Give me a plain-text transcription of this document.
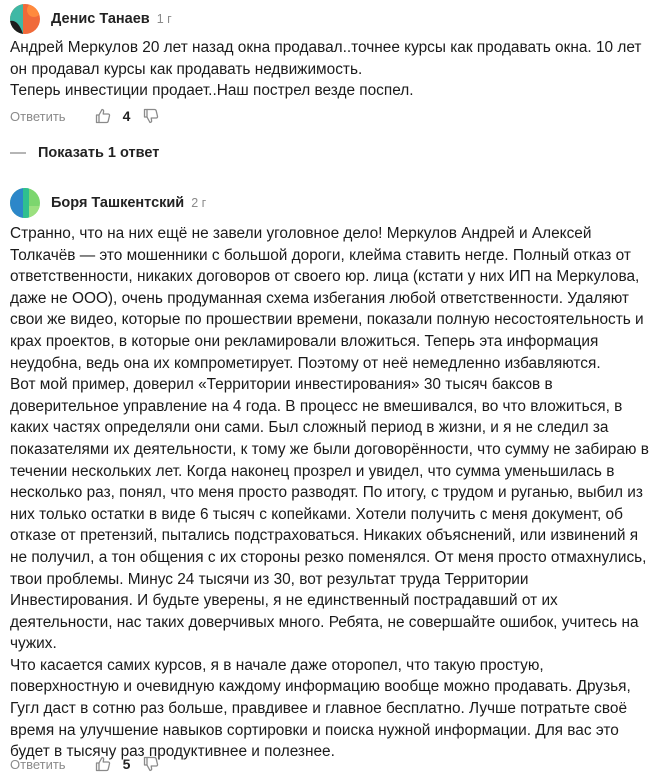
Денис Танаев 1 г
Андрей Меркулов 20 лет назад окна продавал..точнее курсы как продавать окна. 10 лет он продавал курсы как продавать недвижимость.
Теперь инвестиции продает..Наш пострел везде поспел.
Ответить	4
Показать 1 ответ
Боря Ташкентский 2 г
Странно, что на них ещё не завели уголовное дело! Меркулов Андрей и Алексей Толкачёв — это мошенники с большой дороги, клейма ставить негде. Полный отказ от ответственности, никаких договоров от своего юр. лица (кстати у них ИП на Меркулова, даже не ООО), очень продуманная схема избегания любой ответственности. Удаляют свои же видео, которые по прошествии времени, показали полную несостоятельность и крах проектов, в которые они рекламировали вложиться. Теперь эта информация неудобна, ведь она их компрометирует. Поэтому от неё немедленно избавляются.
Вот мой пример, доверил «Территории инвестирования» 30 тысяч баксов в доверительное управление на 4 года. В процесс не вмешивался, во что вложиться, в каких частях определяли они сами. Был сложный период в жизни, и я не следил за показателями их деятельности, к тому же были договорённости, что сумму не забираю в течении нескольких лет. Когда наконец прозрел и увидел, что сумма уменьшилась в несколько раз, понял, что меня просто разводят. По итогу, с трудом и руганью, выбил из них только остатки в виде 6 тысяч с копейками. Хотели получить с меня документ, об отказе от претензий, пытались подстраховаться. Никаких объяснений, или извинений я не получил, а тон общения с их стороны резко поменялся. От меня просто отмахнулись, твои проблемы. Минус 24 тысячи из 30, вот результат труда Территории Инвестирования. И будьте уверены, я не единственный пострадавший от их деятельности, нас таких доверчивых много. Ребята, не совершайте ошибок, учитесь на чужих.
Что касается самих курсов, я в начале даже оторопел, что такую простую, поверхностную и очевидную каждому информацию вообще можно продавать. Друзья, Гугл даст в сотню раз больше, правдивее и главное бесплатно. Лучше потратьте своё время на улучшение навыков сортировки и поиска нужной информации. Для вас это будет в тысячу раз продуктивнее и полезнее.
Ответить	5
